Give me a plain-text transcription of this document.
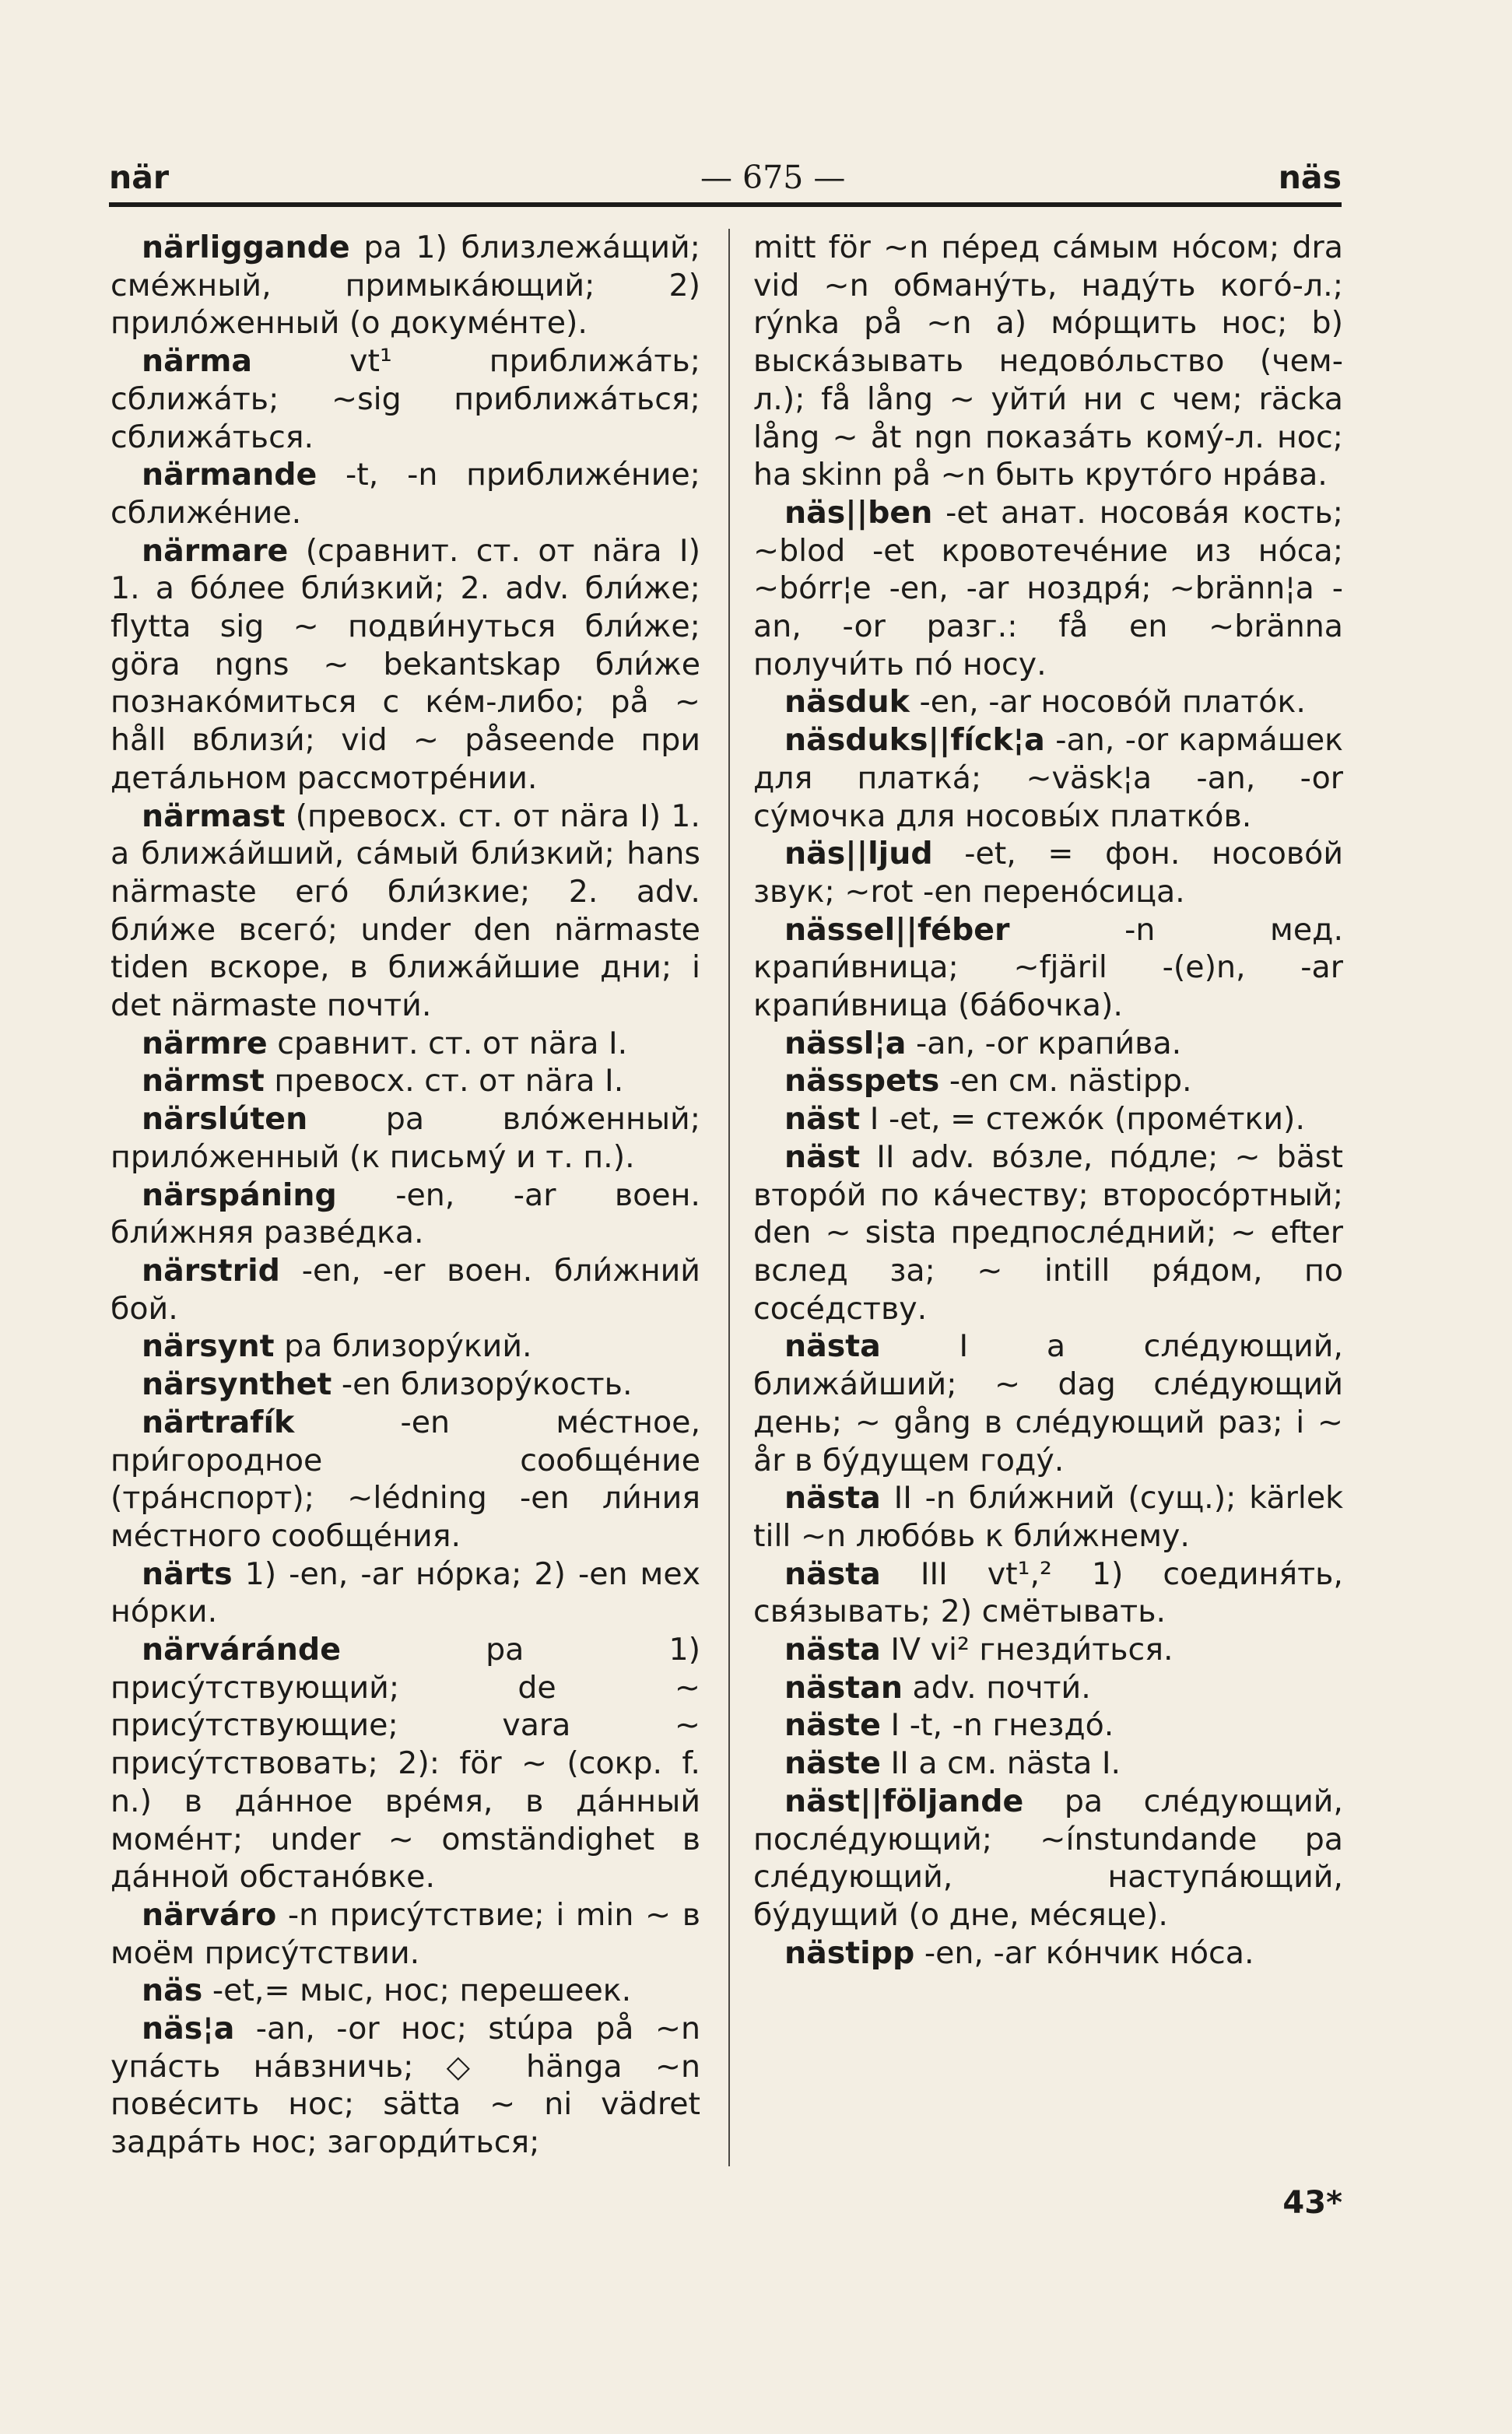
när	— 675 —	näs

närliggande pa 1) близлежа́щий; сме́жный, примыка́ющий; 2) прило́женный (о докуме́нте).

närma	vt¹ приближа́ть; сближа́ть; ~sig приближа́ться; сближа́ться.

närmande -t, -n приближе́ние; сближе́ние.

närmare (сравнит. ст. от nära I) 1. a бо́лее бли́зкий; 2. adv. бли́же; flytta sig ~ подви́нуться бли́же; göra ngns ~ bekantskap бли́же познако́миться с ке́м-либо; på ~ håll вблизи́; vid ~ påseende при дета́льном рассмотре́нии.

närmast (превосх. ст. от nära I) 1. a ближа́йший, са́мый бли́зкий; hans närmaste его́ бли́зкие; 2. adv. бли́же всего́; under den närmaste tiden вскоре, в ближа́йшие дни; i det närmaste почти́.

närmre сравнит. ст. от nära I.

närmst превосх. ст. от nära I.

närslúten	pa вло́женный; прило́женный (к письму́ и т. п.).

närspáning -en, -ar воен. бли́жняя разве́дка.

närstrid -en, -er воен. бли́жний бой.

närsynt pa близору́кий.

närsynthet -en близору́кость.

närtrafík	-en ме́стное, при́городное сообще́ние (тра́нспорт); ~lédning -en ли́ния ме́стного сообще́ния.

närts 1) -en, -ar но́рка; 2) -en мех но́рки.

närváránde	pa 1) прису́тствующий; de ~ прису́тствующие; vara ~ прису́тствовать; 2): för ~ (сокр. f. n.) в да́нное вре́мя, в да́нный моме́нт; under ~ omständighet в да́нной обстано́вке.

närváro -n прису́тствие; i min ~ в моём прису́тствии.

näs -et,= мыс, нос; перешеек.

näs¦a -an, -or нос; stúpa på ~n упа́сть на́взничь; ◇ hänga ~n пове́сить нос; sätta ~ ni vädret задра́ть нос; загорди́ться;

mitt för ~n пе́ред са́мым но́сом; dra vid ~n обману́ть, наду́ть кого́-л.; rýnka på ~n a) мо́рщить нос; b) выска́зывать недово́льство (чем-л.); få lång ~ уйти́ ни с чем; räcka lång ~ åt ngn показа́ть кому́-л. нос; ha skinn på ~n быть круто́го нра́ва.

näs||ben -et анат. носова́я кость; ~blod -et кровотече́ние из но́са; ~bórr¦e -en, -ar ноздря́; ~bränn¦a -an, -or разг.: få en ~bränna получи́ть по́ носу.

näsduk -en, -ar носово́й плато́к.

näsduks||fíck¦a -an, -or карма́шек для платка́; ~väsk¦a -an, -or су́мочка для носовы́х платко́в.

näs||ljud -et, = фон. носово́й звук; ~rot -en перено́сица.

nässel||féber	-n мед. крапи́вница; ~fjäril -(e)n, -ar крапи́вница (ба́бочка).

nässl¦a -an, -or крапи́ва.

nässpets -en см. nästipp.

näst I -et, = стежо́к (проме́тки).

näst II adv. во́зле, по́дле; ~ bäst второ́й по ка́честву; второсо́ртный; den ~ sista предпосле́дний; ~ efter вслед за; ~ intill ря́дом, по сосе́дству.

nästa	I a сле́дующий, ближа́йший; ~ dag сле́дующий день; ~ gång в сле́дующий раз; i ~ år в бу́дущем году́.

nästa II -n бли́жний (сущ.); kärlek till ~n любо́вь к бли́жнему.

nästa III vt¹,² 1) соединя́ть, свя́зывать; 2) смётывать.

nästa IV vi² гнезди́ться.

nästan adv. почти́.

näste I -t, -n гнездо́.

näste II a см. nästa I.

näst||följande pa сле́дующий, после́дующий; ~ínstundande pa сле́дующий, наступа́ющий, бу́дущий (о дне, ме́сяце).

nästipp -en, -ar ко́нчик но́са.

43*
